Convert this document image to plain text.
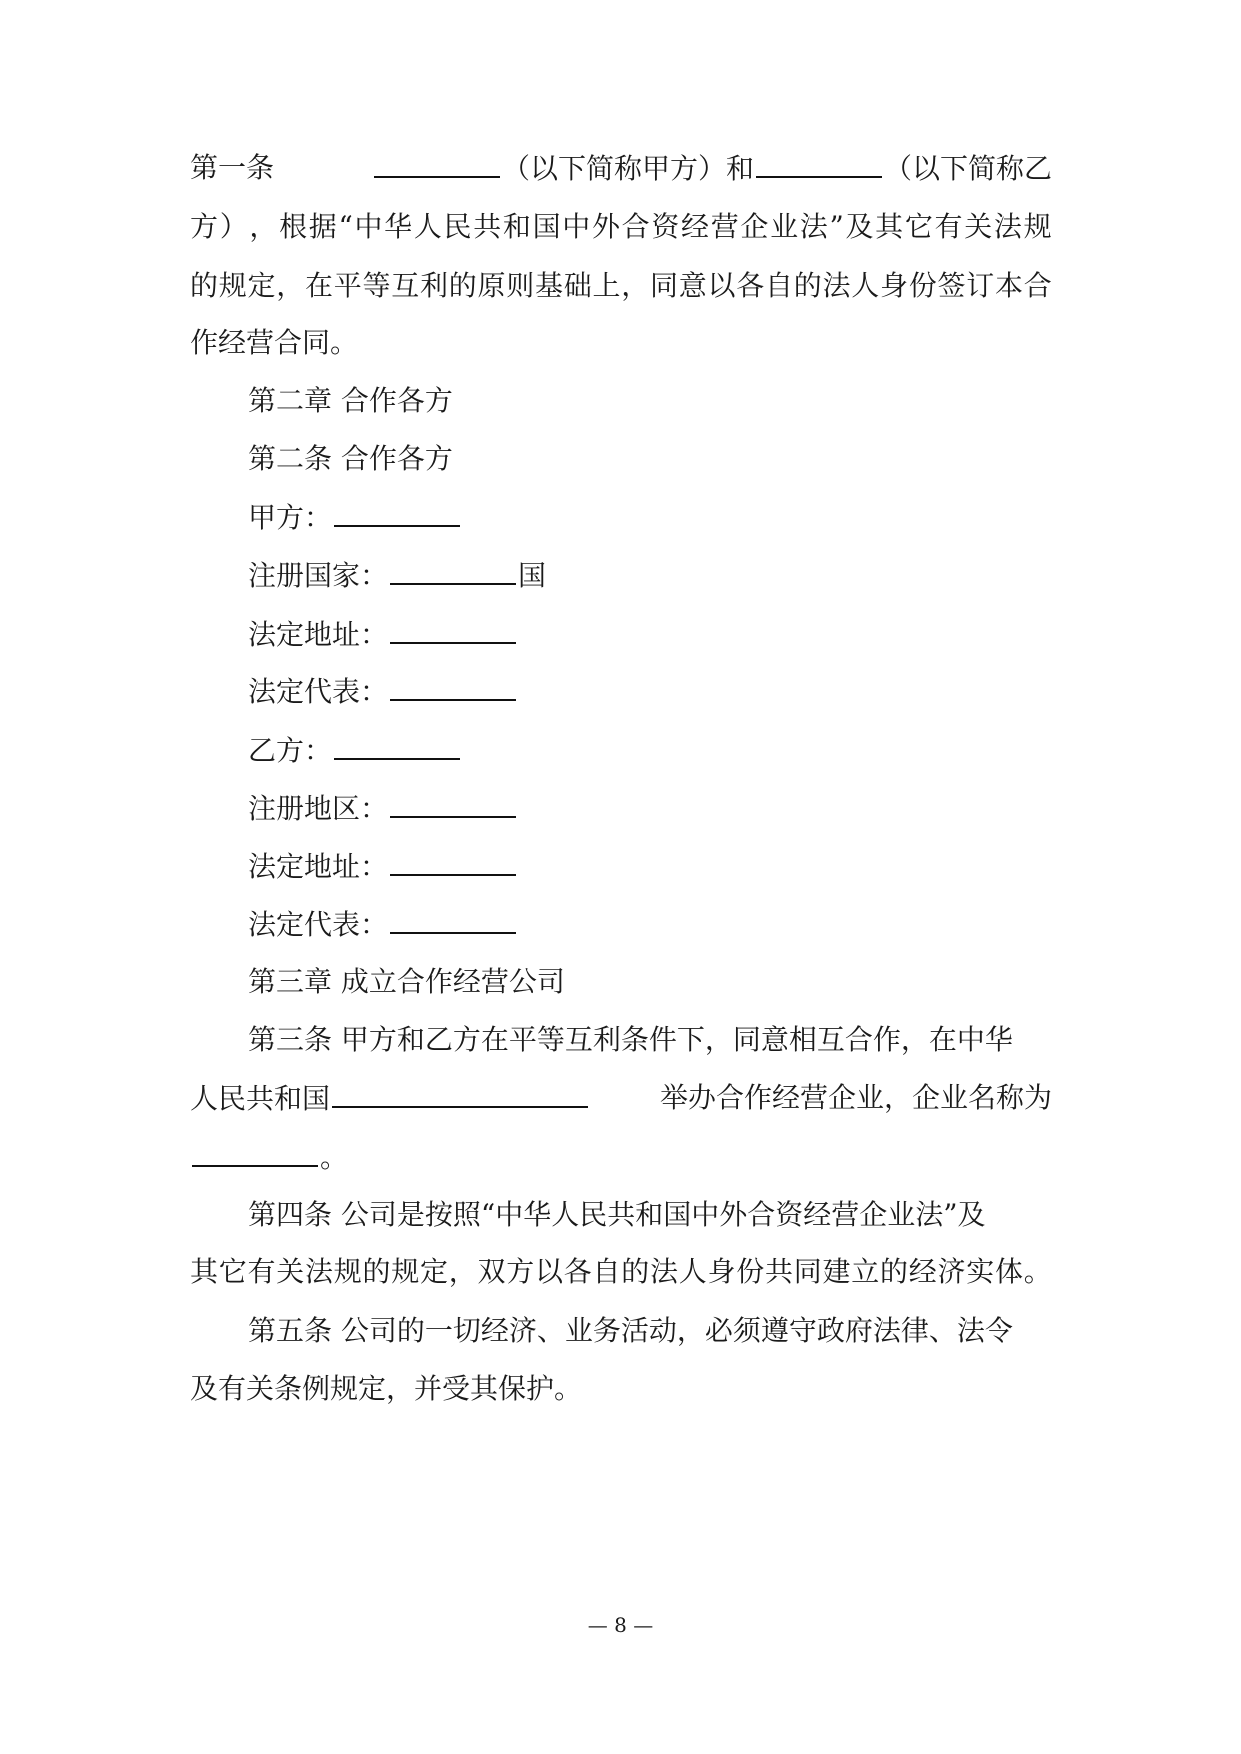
第一条	（以下简称甲方）和	（以下简称乙
方 ） ， 根 据 “ 中 华 人 民 共 和 国 中 外 合 资 经 营 企 业 法 ” 及 其 它 有 关 法 规
的 规 定 ， 在 平 等 互 利 的 原 则 基 础 上 ， 同 意 以 各 自 的 法 人 身 份 签 订 本 合
作经营合同。
第二章 合作各方
第二条 合作各方
甲方：
注册国家：	国
法定地址：
法定代表：
乙方：
注册地区：
法定地址：
法定代表：
第三章 成立合作经营公司
第三条 甲方和乙方在平等互利条件下，同意相互合作，在中华
人民共和国	举办合作经营企业，企业名称为
。
第四条 公司是按照“中华人民共和国中外合资经营企业法”及
其 它 有 关 法 规 的 规 定 ， 双 方 以 各 自 的 法 人 身 份 共 同 建 立 的 经 济 实 体 。
第五条 公司的一切经济、业务活动，必须遵守政府法律、法令
及有关条例规定，并受其保护。
— 8 —
